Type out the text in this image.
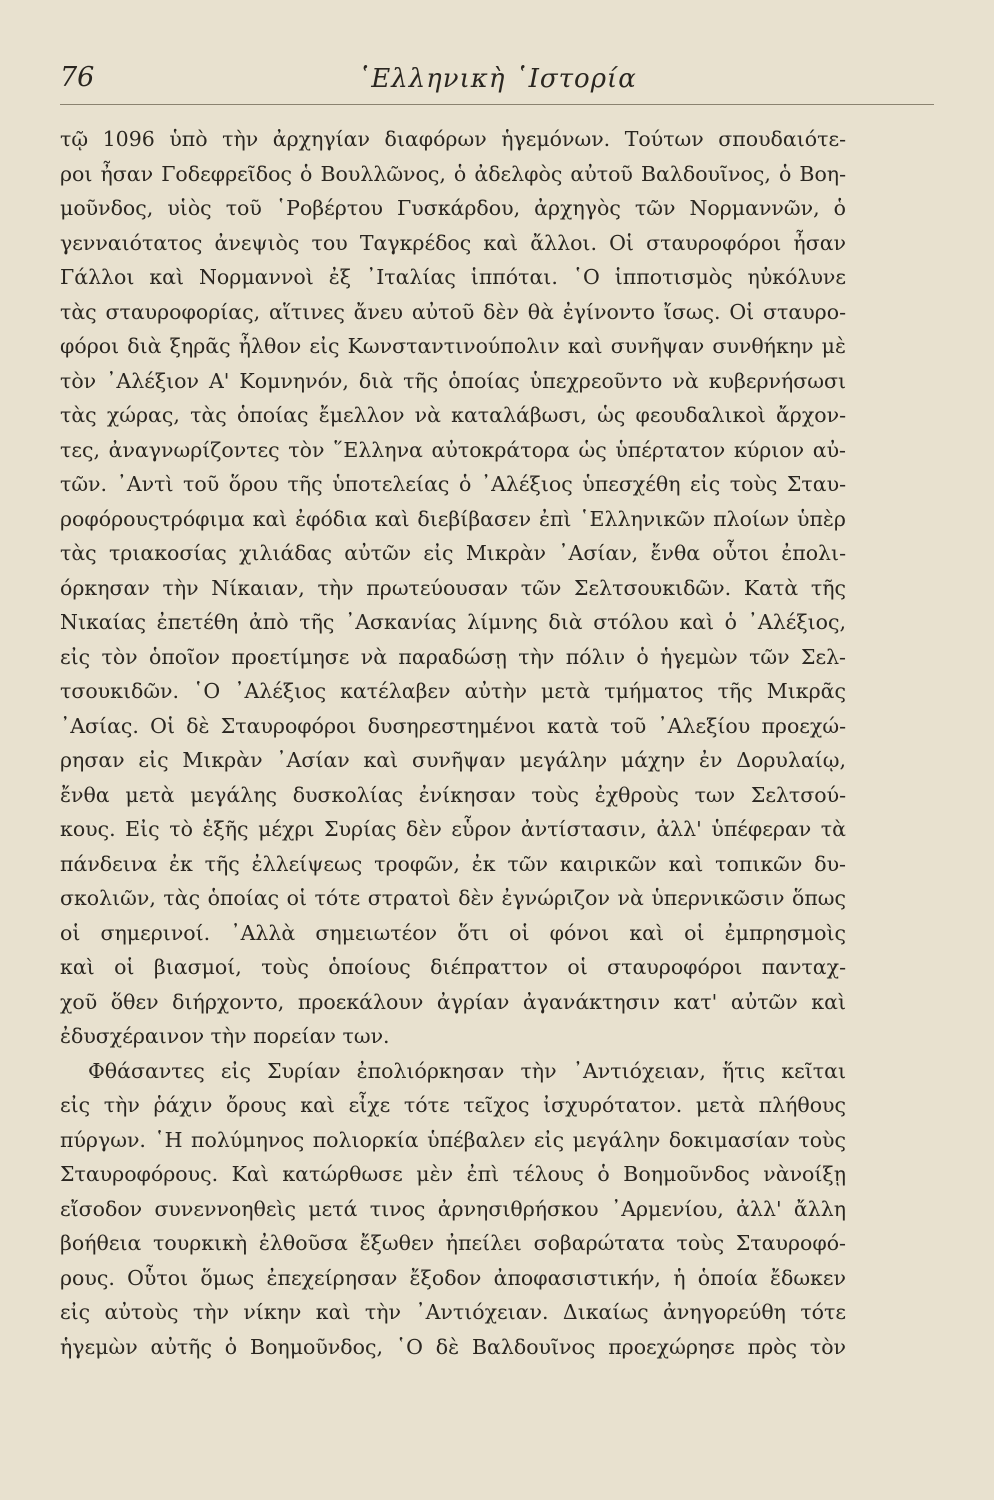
76	῾Ελληνικὴ ῾Ιστορία
τῷ 1096 ὑπὸ τὴν ἀρχηγίαν διαφόρων ἡγεμόνων. Τούτων σπουδαιότε-
ροι ἦσαν Γοδεφρεῖδος ὁ Βουλλῶνος, ὁ ἀδελφὸς αὐτοῦ Βαλδουῖνος, ὁ Βοη-
μοῦνδος, υἱὸς τοῦ ῾Ροβέρτου Γυσκάρδου, ἀρχηγὸς τῶν Νορμαννῶν, ὁ
γενναιότατος ἀνεψιὸς του Ταγκρέδος καὶ ἄλλοι. Οἱ σταυροφόροι ἦσαν
Γάλλοι καὶ Νορμαννοὶ ἐξ ᾿Ιταλίας ἱππόται. ῾Ο ἱπποτισμὸς ηὐκόλυνε
τὰς σταυροφορίας, αἵτινες ἄνευ αὐτοῦ δὲν θὰ ἐγίνοντο ἴσως. Οἱ σταυρο-
φόροι διὰ ξηρᾶς ἦλθον εἰς Κωνσταντινούπολιν καὶ συνῆψαν συνθήκην μὲ
τὸν ᾿Αλέξιον Α' Κομνηνόν, διὰ τῆς ὁποίας ὑπεχρεοῦντο νὰ κυβερνήσωσι
τὰς χώρας, τὰς ὁποίας ἔμελλον νὰ καταλάβωσι, ὡς φεουδαλικοὶ ἄρχον-
τες, ἀναγνωρίζοντες τὸν ῞Ελληνα αὐτοκράτορα ὡς ὑπέρτατον κύριον αὐ-
τῶν. ᾿Αντὶ τοῦ ὅρου τῆς ὑποτελείας ὁ ᾿Αλέξιος ὑπεσχέθη εἰς τοὺς Σταυ-
ροφόρουςτρόφιμα καὶ ἐφόδια καὶ διεβίβασεν ἐπὶ ῾Ελληνικῶν πλοίων ὑπὲρ
τὰς τριακοσίας χιλιάδας αὐτῶν εἰς Μικρὰν ᾿Ασίαν, ἔνθα οὗτοι ἐπολι-
όρκησαν τὴν Νίκαιαν, τὴν πρωτεύουσαν τῶν Σελτσουκιδῶν. Κατὰ τῆς
Νικαίας ἐπετέθη ἀπὸ τῆς ᾿Ασκανίας λίμνης διὰ στόλου καὶ ὁ ᾿Αλέξιος,
εἰς τὸν ὁποῖον προετίμησε νὰ παραδώσῃ τὴν πόλιν ὁ ἡγεμὼν τῶν Σελ-
τσουκιδῶν. ῾Ο ᾿Αλέξιος κατέλαβεν αὐτὴν μετὰ τμήματος τῆς Μικρᾶς
᾿Ασίας. Οἱ δὲ Σταυροφόροι δυσηρεστημένοι κατὰ τοῦ ᾿Αλεξίου προεχώ-
ρησαν εἰς Μικρὰν ᾿Ασίαν καὶ συνῆψαν μεγάλην μάχην ἐν Δορυλαίῳ,
ἔνθα μετὰ μεγάλης δυσκολίας ἐνίκησαν τοὺς ἐχθροὺς των Σελτσού-
κους. Εἰς τὸ ἑξῆς μέχρι Συρίας δὲν εὗρον ἀντίστασιν, ἀλλ' ὑπέφεραν τὰ
πάνδεινα ἐκ τῆς ἐλλείψεως τροφῶν, ἐκ τῶν καιρικῶν καὶ τοπικῶν δυ-
σκολιῶν, τὰς ὁποίας οἱ τότε στρατοὶ δὲν ἐγνώριζον νὰ ὑπερνικῶσιν ὅπως
οἱ σημερινοί. ᾿Αλλὰ σημειωτέον ὅτι οἱ φόνοι καὶ οἱ ἐμπρησμοὶς
καὶ οἱ βιασμοί, τοὺς ὁποίους διέπραττον οἱ σταυροφόροι πανταχ-
χοῦ ὅθεν διήρχοντο, προεκάλουν ἀγρίαν ἀγανάκτησιν κατ' αὐτῶν καὶ
ἐδυσχέραινον τὴν πορείαν των.
Φθάσαντες εἰς Συρίαν ἐπολιόρκησαν τὴν ᾿Αντιόχειαν, ἥτις κεῖται
εἰς τὴν ῥάχιν ὄρους καὶ εἶχε τότε τεῖχος ἰσχυρότατον. μετὰ πλήθους
πύργων. ῾Η πολύμηνος πολιορκία ὑπέβαλεν εἰς μεγάλην δοκιμασίαν τοὺς
Σταυροφόρους. Καὶ κατώρθωσε μὲν ἐπὶ τέλους ὁ Βοημοῦνδος νὰνοίξῃ
εἴσοδον συνεννοηθεὶς μετά τινος ἀρνησιθρήσκου ᾿Αρμενίου, ἀλλ' ἄλλη
βοήθεια τουρκικὴ ἐλθοῦσα ἔξωθεν ἠπείλει σοβαρώτατα τοὺς Σταυροφό-
ρους. Οὗτοι ὅμως ἐπεχείρησαν ἔξοδον ἀποφασιστικήν, ἡ ὁποία ἔδωκεν
εἰς αὐτοὺς τὴν νίκην καὶ τὴν ᾿Αντιόχειαν. Δικαίως ἀνηγορεύθη τότε
ἡγεμὼν αὐτῆς ὁ Βοημοῦνδος, ῾Ο δὲ Βαλδουῖνος προεχώρησε πρὸς τὸν
